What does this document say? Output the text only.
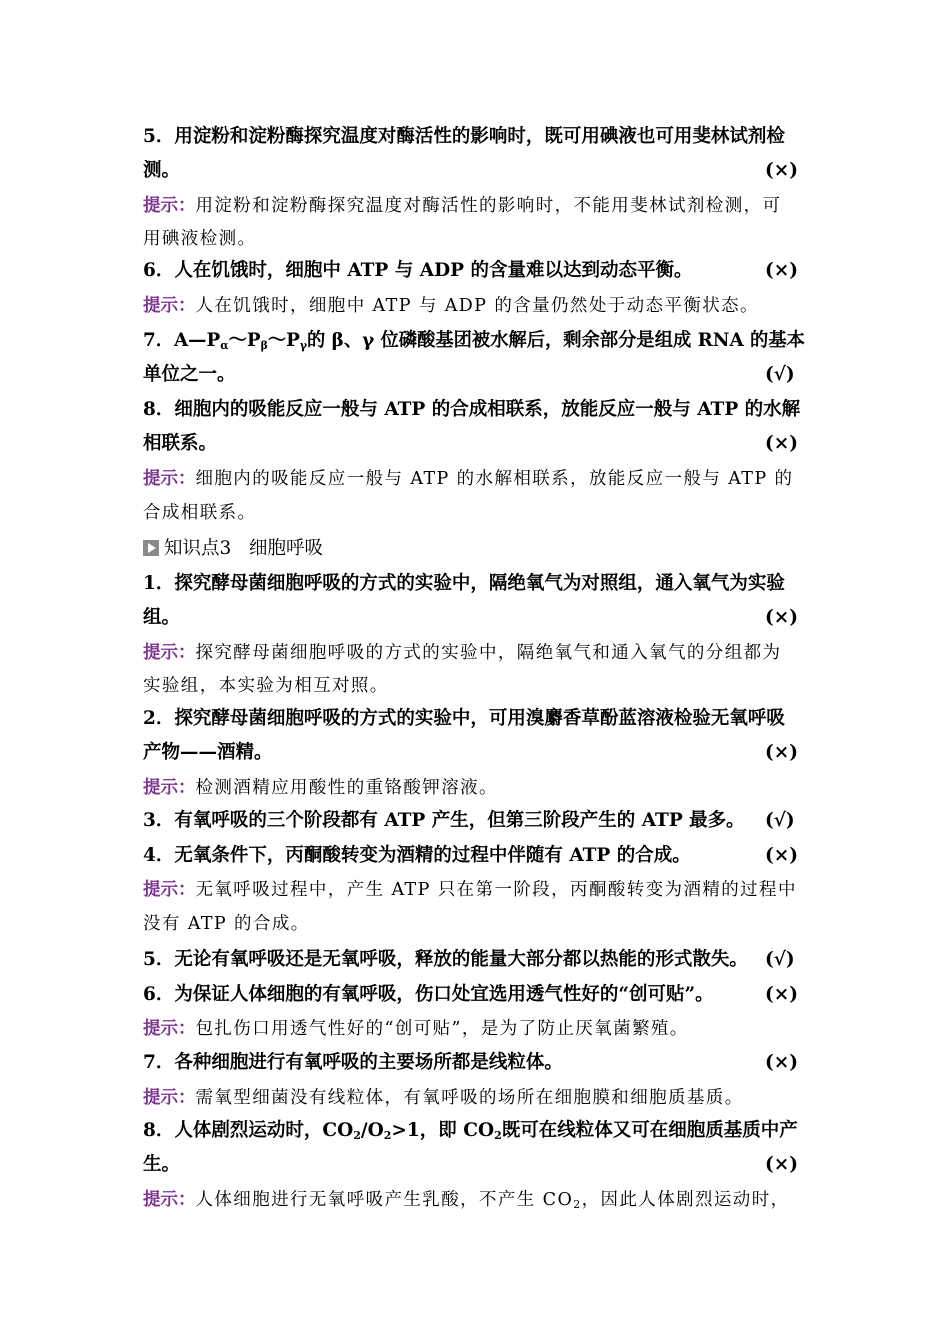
5．用淀粉和淀粉酶探究温度对酶活性的影响时，既可用碘液也可用斐林试剂检
测。	(×)
提示：用淀粉和淀粉酶探究温度对酶活性的影响时，不能用斐林试剂检测，可
用碘液检测。
6．人在饥饿时，细胞中 ATP 与 ADP 的含量难以达到动态平衡。	(×)
提示：人在饥饿时，细胞中 ATP 与 ADP 的含量仍然处于动态平衡状态。
7．$A—P_\alpha\sim P_\beta\sim P_\gamma$的 β、γ 位磷酸基团被水解后，剩余部分是组成 RNA 的基本
单位之一。	(√)
8．细胞内的吸能反应一般与 ATP 的合成相联系，放能反应一般与 ATP 的水解
相联系。	(×)
提示：细胞内的吸能反应一般与 ATP 的水解相联系，放能反应一般与 ATP 的
合成相联系。
知识点3 细胞呼吸
1．探究酵母菌细胞呼吸的方式的实验中，隔绝氧气为对照组，通入氧气为实验
组。	(×)
提示：探究酵母菌细胞呼吸的方式的实验中，隔绝氧气和通入氧气的分组都为
实验组，本实验为相互对照。
2．探究酵母菌细胞呼吸的方式的实验中，可用溴麝香草酚蓝溶液检验无氧呼吸
产物——酒精。	(×)
提示：检测酒精应用酸性的重铬酸钾溶液。
3．有氧呼吸的三个阶段都有 ATP 产生，但第三阶段产生的 ATP 最多。 (√)
4．无氧条件下，丙酮酸转变为酒精的过程中伴随有 ATP 的合成。	(×)
提示：无氧呼吸过程中，产生 ATP 只在第一阶段，丙酮酸转变为酒精的过程中
没有 ATP 的合成。
5．无论有氧呼吸还是无氧呼吸，释放的能量大部分都以热能的形式散失。 (√)
6．为保证人体细胞的有氧呼吸，伤口处宜选用透气性好的“创可贴”。	(×)
提示：包扎伤口用透气性好的“创可贴”，是为了防止厌氧菌繁殖。
7．各种细胞进行有氧呼吸的主要场所都是线粒体。	(×)
提示：需氧型细菌没有线粒体，有氧呼吸的场所在细胞膜和细胞质基质。
8．人体剧烈运动时，$CO_2/O_2>1$，即 $CO_2$既可在线粒体又可在细胞质基质中产
生。	(×)
提示：人体细胞进行无氧呼吸产生乳酸，不产生 $CO_2$，因此人体剧烈运动时，
